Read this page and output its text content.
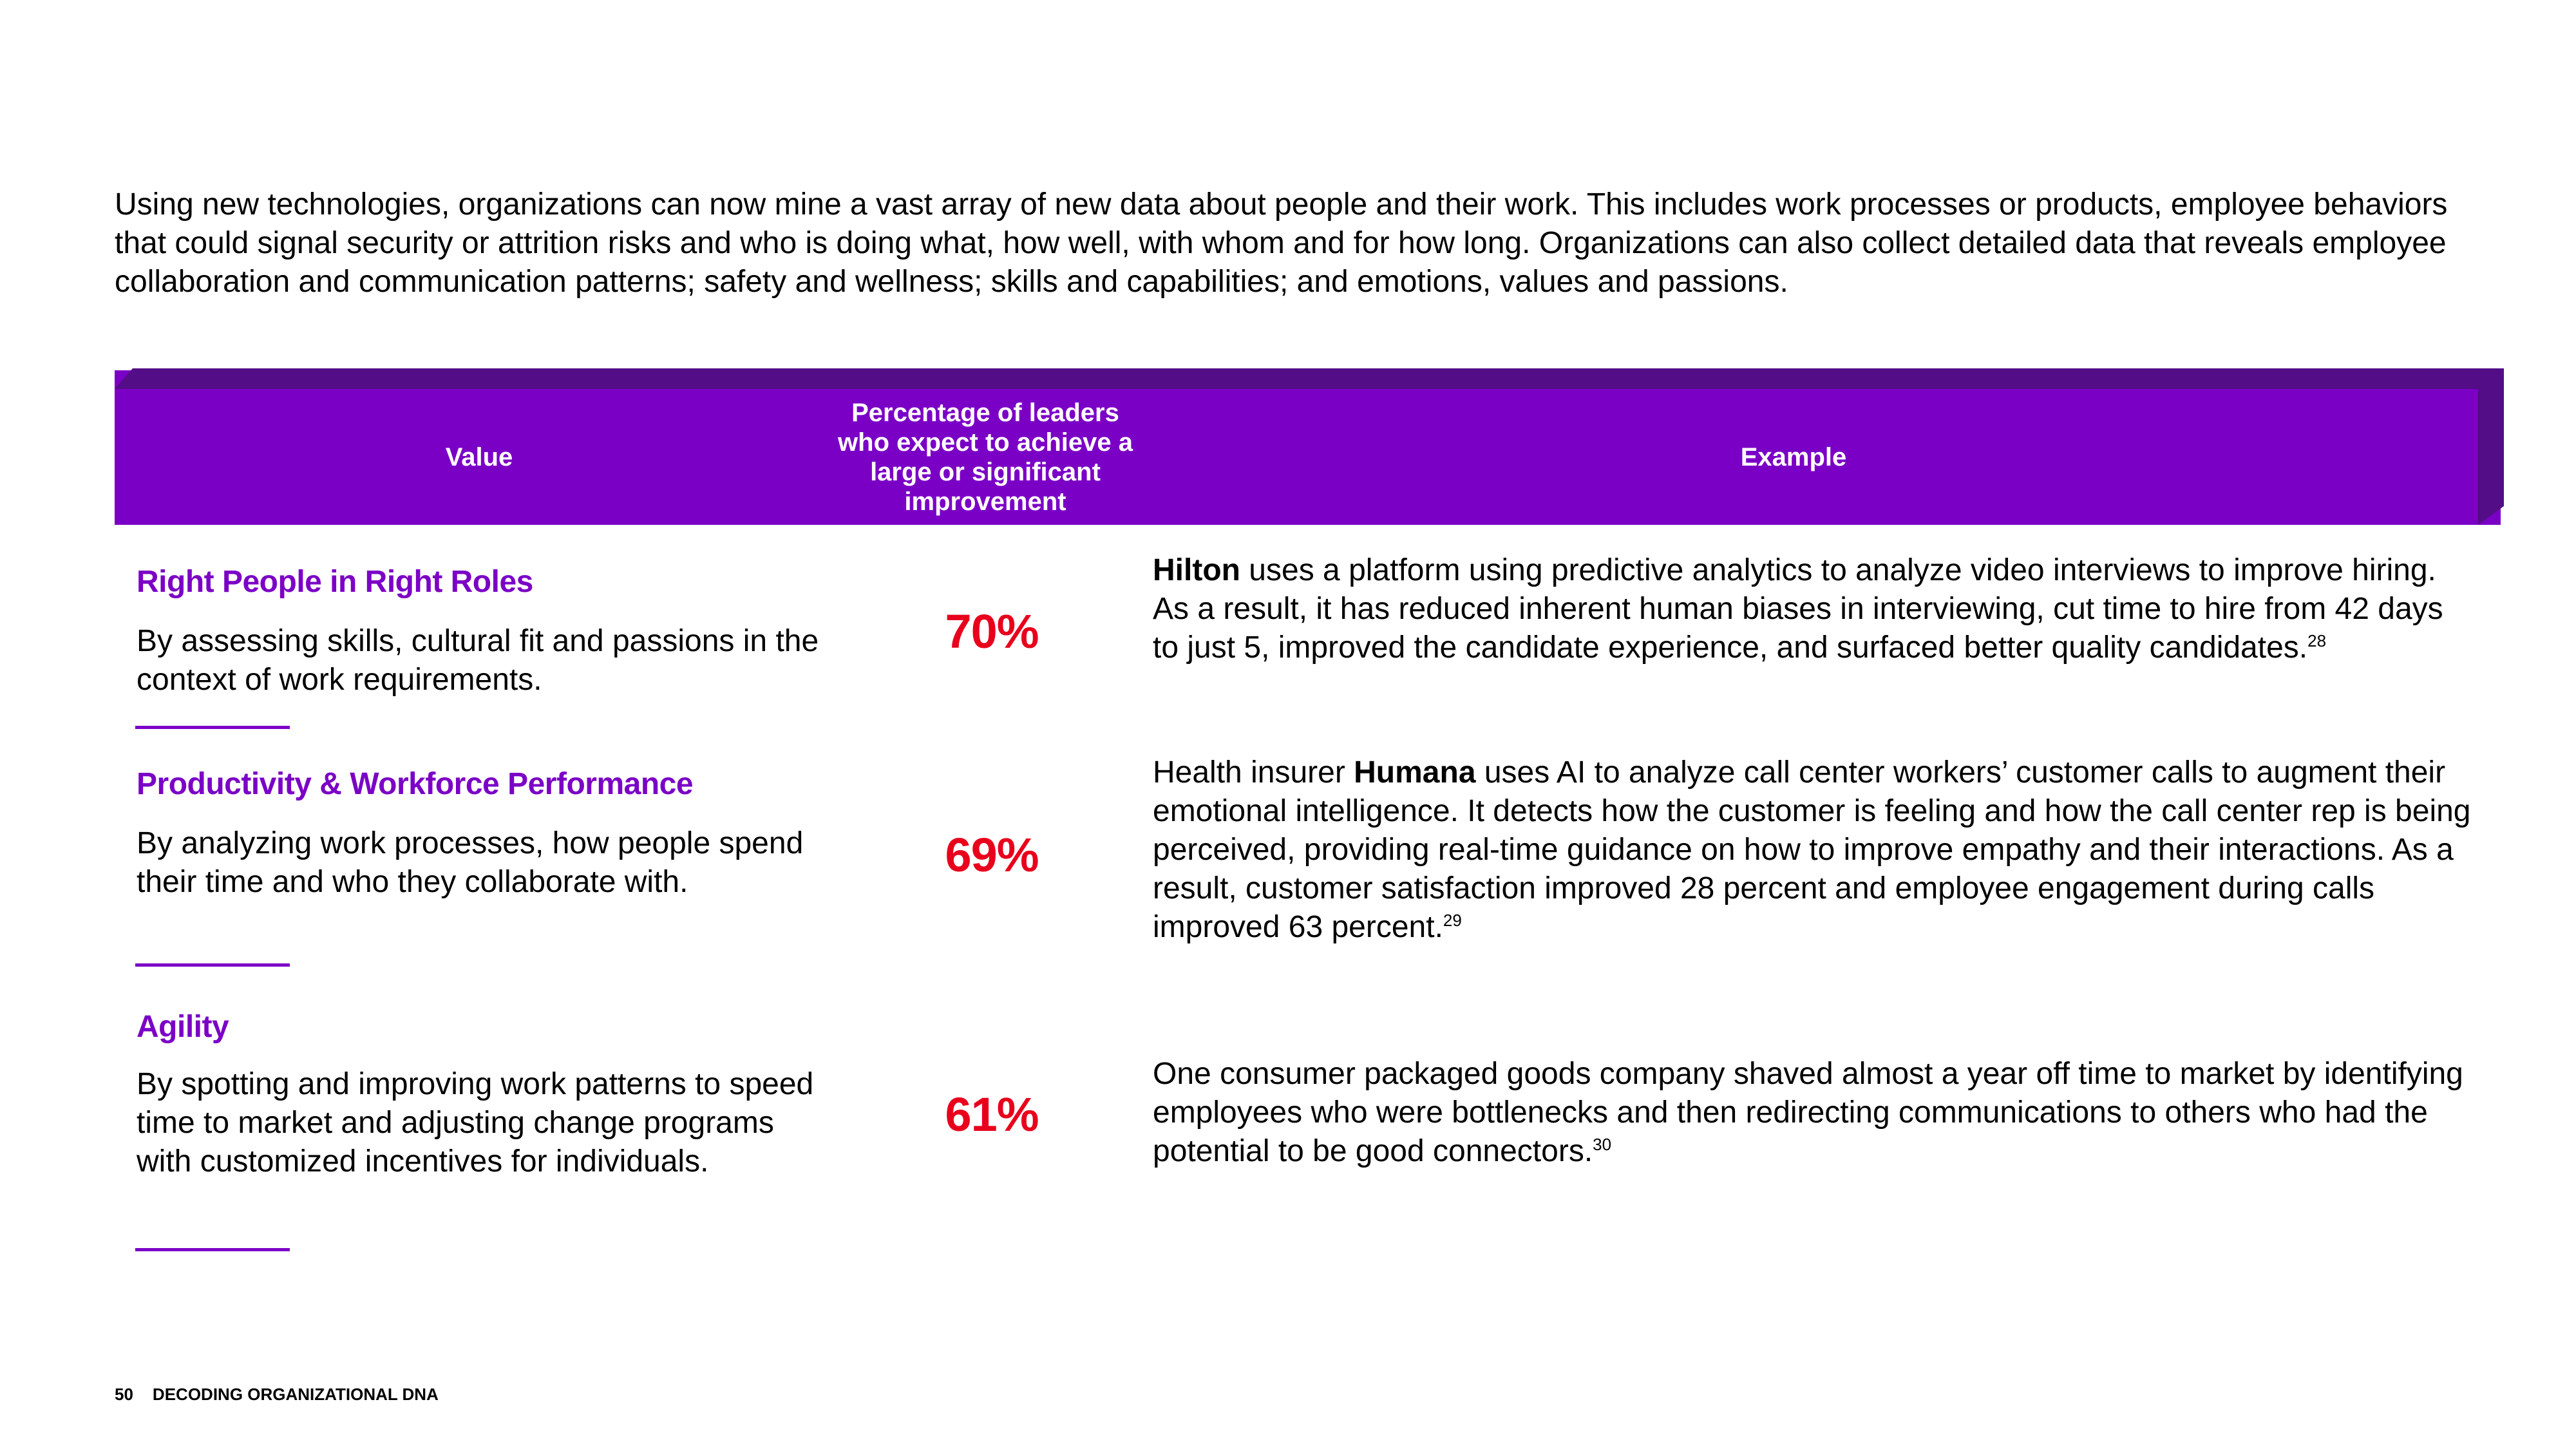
Using new technologies, organizations can now mine a vast array of new data about people and their work. This includes work processes or products, employee behaviors that could signal security or attrition risks and who is doing what, how well, with whom and for how long. Organizations can also collect detailed data that reveals employee collaboration and communication patterns; safety and wellness; skills and capabilities; and emotions, values and passions.
Value
Percentage of leaders who expect to achieve a large or significant improvement
Example
Right People in Right Roles
By assessing skills, cultural fit and passions in the context of work requirements.
70%
Hilton uses a platform using predictive analytics to analyze video interviews to improve hiring. As a result, it has reduced inherent human biases in interviewing, cut time to hire from 42 days to just 5, improved the candidate experience, and surfaced better quality candidates.$^{28}$
Productivity & Workforce Performance
By analyzing work processes, how people spend their time and who they collaborate with.
69%
Health insurer Humana uses AI to analyze call center workers’ customer calls to augment their emotional intelligence. It detects how the customer is feeling and how the call center rep is being perceived, providing real-time guidance on how to improve empathy and their interactions. As a result, customer satisfaction improved 28 percent and employee engagement during calls improved 63 percent.$^{29}$
Agility
By spotting and improving work patterns to speed time to market and adjusting change programs with customized incentives for individuals.
61%
One consumer packaged goods company shaved almost a year off time to market by identifying employees who were bottlenecks and then redirecting communications to others who had the potential to be good connectors.$^{30}$
50 DECODING ORGANIZATIONAL DNA
